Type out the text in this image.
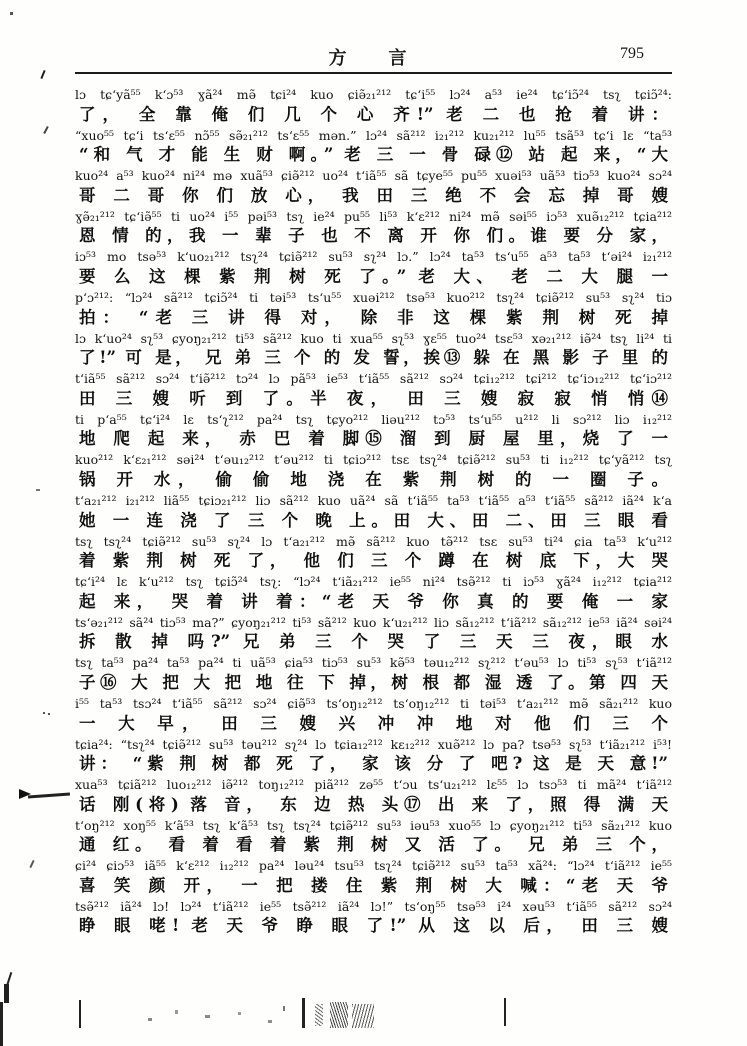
方　言	795
lɔ tɕʻyã⁵⁵ kʻɔ⁵³ ɣã²⁴ mə̃ tɕi²⁴ kuo ɕiə̃₂₁²¹² tɕʻi⁵⁵ lɔ²⁴ a⁵³ ie²⁴ tɕʻiɔ̃²⁴ tsʅ tɕiɔ̃²⁴:
了， 全 靠 俺 们 几 个 心 齐!” 老 二 也 抢 着 讲：
“xuo⁵⁵ tɕʻi tsʻɛ⁵⁵ nɔ̃⁵⁵ sə̃₂₁²¹² tsʻɛ⁵⁵ mən.” lɔ²⁴ sã²¹² i₂₁²¹² ku₂₁²¹² lu⁵⁵ tsã⁵³ tɕʻi lɛ “ta⁵³
“和 气 才 能 生 财 啊。” 老 三 一 骨 碌⑫ 站 起 来，“大
kuo²⁴ a⁵³ kuo²⁴ ni²⁴ mə xuã⁵³ ɕiə̃²¹² uo²⁴ tʻiã⁵⁵ sã tɕye⁵⁵ pu⁵⁵ xuəi⁵³ uã⁵³ tiɔ⁵³ kuo²⁴ sɔ²⁴
哥 二 哥 你 们 放 心， 我 田 三 绝 不 会 忘 掉 哥 嫂
ɣə̃₂₁²¹² tɕʻiə̃⁵⁵ ti uo²⁴ i⁵⁵ pəi⁵³ tsʅ ie²⁴ pu⁵⁵ li⁵³ kʻɛ²¹² ni²⁴ mə̃ səi⁵⁵ iɔ⁵³ xuə̃₁₂²¹² tɕia²¹²
恩 情 的，我 一 辈 子 也 不 离 开 你 们。谁 要 分 家，
iɔ⁵³ mo tsə⁵³ kʻuo₂₁²¹² tsʅ²⁴ tɕiə̃²¹² su⁵³ sʅ²⁴ lɔ.” lɔ²⁴ ta⁵³ tsʻu⁵⁵ a⁵³ ta⁵³ tʻəi²⁴ i₂₁²¹²
要 么 这 棵 紫 荆 树 死 了。” 老 大、 老 二 大 腿 一
pʻɔ²¹²: “lɔ²⁴ sã²¹² tɕiɔ̃²⁴ ti təi⁵³ tsʻu⁵⁵ xuəi²¹² tsə⁵³ kuo²¹² tsʅ²⁴ tɕiə̃²¹² su⁵³ sʅ²⁴ tiɔ
拍： “老 三 讲 得 对， 除 非 这 棵 紫 荆 树 死 掉
lɔ kʻuo²⁴ sʅ⁵³ ɕyoŋ₂₁²¹² ti⁵³ sã²¹² kuo ti xua⁵⁵ sʅ⁵³ ɣɛ⁵⁵ tuo²⁴ tsɛ⁵³ xə₂₁²¹² iə̃²⁴ tsʅ li²⁴ ti
了!” 可 是， 兄 弟 三 个 的 发 誓，挨⑬ 躲 在 黑 影 子 里 的
tʻiã⁵⁵ sã²¹² sɔ²⁴ tʻiə̃²¹² tɔ²⁴ lɔ pã⁵³ ie⁵³ tʻiã⁵⁵ sã²¹² sɔ²⁴ tɕi₁₂²¹² tɕi²¹² tɕʻiɔ₁₂²¹² tɕʻiɔ²¹²
田 三 嫂 听 到 了。半 夜， 田 三 嫂 寂 寂 悄 悄⑭
ti pʻa⁵⁵ tɕʻi²⁴ lɛ tsʻʅ²¹² pa²⁴ tsʅ tɕyo²¹² liəu²¹² tɔ⁵³ tsʻu⁵⁵ u²¹² li sɔ²¹² liɔ i₁₂²¹²
地 爬 起 来， 赤 巴 着 脚⑮ 溜 到 厨 屋 里，烧 了 一
kuo²¹² kʻɛ₂₁²¹² səi²⁴ tʻəu₁₂²¹² tʻəu²¹² ti tɕiɔ²¹² tsɛ tsʅ²⁴ tɕiə̃²¹² su⁵³ ti i₁₂²¹² tɕʻyã²¹² tsʅ
锅 开 水， 偷 偷 地 浇 在 紫 荆 树 的 一 圈 子。
tʻa₂₁²¹² i₂₁²¹² liã⁵⁵ tɕiɔ₂₁²¹² liɔ sã²¹² kuo uã²⁴ sã tʻiã⁵⁵ ta⁵³ tʻiã⁵⁵ a⁵³ tʻiã⁵⁵ sã²¹² iã²⁴ kʻa
她 一 连 浇 了 三 个 晚 上。田 大、田 二、田 三 眼 看
tsʅ tsʅ²⁴ tɕiə̃²¹² su⁵³ sʅ²⁴ lɔ tʻa₂₁²¹² mə̃ sã²¹² kuo tə̃²¹² tsɛ su⁵³ ti²⁴ ɕia ta⁵³ kʻu²¹²
着 紫 荆 树 死 了， 他 们 三 个 蹲 在 树 底 下，大 哭
tɕʻi²⁴ lɛ kʻu²¹² tsʅ tɕiɔ̃²⁴ tsʅ: “lɔ²⁴ tʻiã₂₁²¹² ie⁵⁵ ni²⁴ tsə̃²¹² ti iɔ⁵³ ɣã²⁴ i₁₂²¹² tɕia²¹²
起 来， 哭 着 讲 着：“老 天 爷 你 真 的 要 俺 一 家
tsʻə₂₁²¹² sã²⁴ tiɔ⁵³ ma?” ɕyoŋ₂₁²¹² ti⁵³ sã²¹² kuo kʻu₂₁²¹² liɔ sã₁₂²¹² tʻiã²¹² sã₁₂²¹² ie⁵³ iã²⁴ səi²⁴
拆 散 掉 吗?” 兄 弟 三 个 哭 了 三 天 三 夜，眼 水
tsʅ ta⁵³ pa²⁴ ta⁵³ pa²⁴ ti uã⁵³ ɕia⁵³ tiɔ⁵³ su⁵³ kə̃⁵³ təu₁₂²¹² sʅ²¹² tʻəu⁵³ lɔ ti⁵³ sʅ⁵³ tʻiã²¹²
子⑯ 大 把 大 把 地 往 下 掉，树 根 都 湿 透 了。第 四 天
i⁵⁵ ta⁵³ tsɔ²⁴ tʻiã⁵⁵ sã²¹² sɔ²⁴ ɕiə̃⁵³ tsʻoŋ₁₂²¹² tsʻoŋ₁₂²¹² ti təi⁵³ tʻa₂₁²¹² mə̃ sã₂₁²¹² kuo
一 大 早， 田 三 嫂 兴 冲 冲 地 对 他 们 三 个
tɕia²⁴: “tsʅ²⁴ tɕiə̃²¹² su⁵³ təu²¹² sʅ²⁴ lɔ tɕia₁₂²¹² kɛ₁₂²¹² xuə̃²¹² lɔ pa? tsə⁵³ sʅ⁵³ tʻiã₂₁²¹² i⁵³!
讲： “紫 荆 树 都 死 了， 家 该 分 了 吧? 这 是 天 意!”
xua⁵³ tɕiã²¹² luo₁₂²¹² iə̃²¹² toŋ₁₂²¹² piã²¹² zə⁵⁵ tʻɔu tsʻu₂₁²¹² lɛ⁵⁵ lɔ tsɔ⁵³ ti mã²⁴ tʻiã²¹²
话 刚(将) 落 音， 东 边 热 头⑰ 出 来 了，照 得 满 天
tʻoŋ²¹² xoŋ⁵⁵ kʻã⁵³ tsʅ kʻã⁵³ tsʅ tsʅ²⁴ tɕiə̃²¹² su⁵³ iəu⁵³ xuo⁵⁵ lɔ ɕyoŋ₂₁²¹² ti⁵³ sã₂₁²¹² kuo
通 红。 看 着 看 着 紫 荆 树 又 活 了。 兄 弟 三 个，
ɕi²⁴ ɕiɔ⁵³ iã⁵⁵ kʻɛ²¹² i₁₂²¹² pa²⁴ ləu²⁴ tsu⁵³ tsʅ²⁴ tɕiə̃²¹² su⁵³ ta⁵³ xã²⁴: “lɔ²⁴ tʻiã²¹² ie⁵⁵
喜 笑 颜 开， 一 把 搂 住 紫 荆 树 大 喊：“老 天 爷
tsə̃²¹² iã²⁴ lɔ! lɔ²⁴ tʻiã²¹² ie⁵⁵ tsə̃²¹² iã²⁴ lɔ!” tsʻoŋ⁵⁵ tsə⁵³ i²⁴ xəu⁵³ tʻiã⁵⁵ sã²¹² sɔ²⁴
睁 眼 咾! 老 天 爷 睁 眼 了!” 从 这 以 后， 田 三 嫂
